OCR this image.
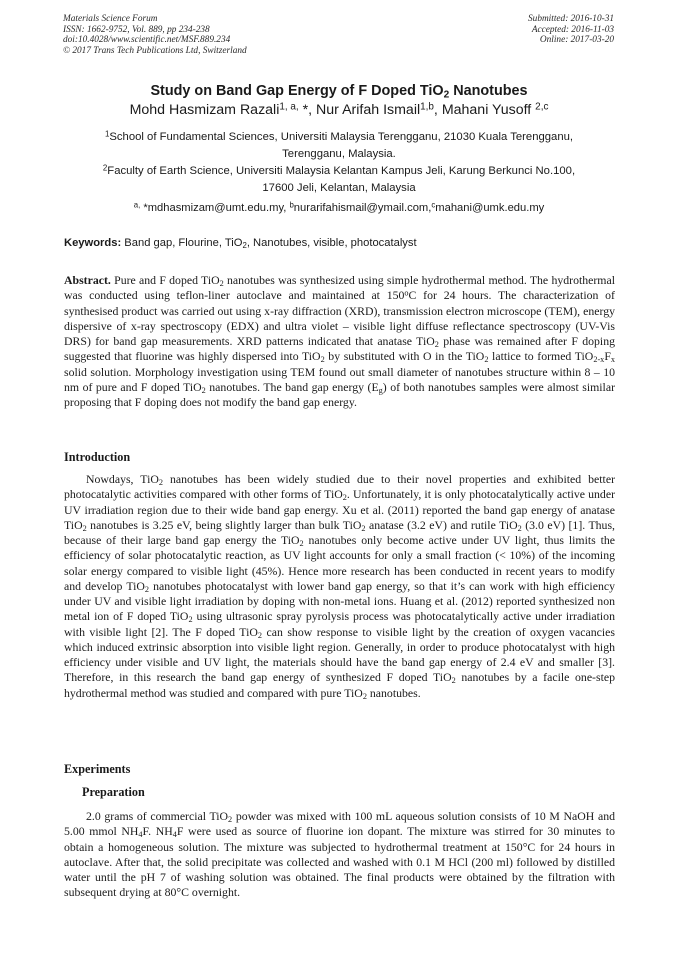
Materials Science Forum
ISSN: 1662-9752, Vol. 889, pp 234-238
doi:10.4028/www.scientific.net/MSF.889.234
© 2017 Trans Tech Publications Ltd, Switzerland
Submitted: 2016-10-31
Accepted: 2016-11-03
Online: 2017-03-20
Study on Band Gap Energy of F Doped TiO$_2$ Nanotubes
Mohd Hasmizam Razali$^{1, a,}$ *, Nur Arifah Ismail$^{1,b}$, Mahani Yusoff $^{2,c}$
$^1$School of Fundamental Sciences, Universiti Malaysia Terengganu, 21030 Kuala Terengganu,
Terengganu, Malaysia.
$^2$Faculty of Earth Science, Universiti Malaysia Kelantan Kampus Jeli, Karung Berkunci No.100,
17600 Jeli, Kelantan, Malaysia
$^{a,}$ *mdhasmizam@umt.edu.my, $^b$nurarifahismail@ymail.com,$^c$mahani@umk.edu.my
Keywords: Band gap, Flourine, TiO$_2$, Nanotubes, visible, photocatalyst
Abstract. Pure and F doped TiO$_2$ nanotubes was synthesized using simple hydrothermal method. The hydrothermal was conducted using teflon-liner autoclave and maintained at 150$^o$C for 24 hours. The characterization of synthesised product was carried out using x-ray diffraction (XRD), transmission electron microscope (TEM), energy dispersive of x-ray spectroscopy (EDX) and ultra violet – visible light diffuse reflectance spectroscopy (UV-Vis DRS) for band gap measurements. XRD patterns indicated that anatase TiO$_2$ phase was remained after F doping suggested that fluorine was highly dispersed into TiO$_2$ by substituted with O in the TiO$_2$ lattice to formed $TiO_{2-x}F_x$ solid solution. Morphology investigation using TEM found out small diameter of nanotubes structure within 8 – 10 nm of pure and F doped TiO$_2$ nanotubes. The band gap energy $(E_g)$ of both nanotubes samples were almost similar proposing that F doping does not modify the band gap energy.
Introduction
Nowdays, TiO$_2$ nanotubes has been widely studied due to their novel properties and exhibited better photocatalytic activities compared with other forms of TiO$_2$. Unfortunately, it is only photocatalytically active under UV irradiation region due to their wide band gap energy. Xu et al. (2011) reported the band gap energy of anatase TiO$_2$ nanotubes is 3.25 eV, being slightly larger than bulk TiO$_2$ anatase (3.2 eV) and rutile TiO$_2$ (3.0 eV) [1]. Thus, because of their large band gap energy the TiO$_2$ nanotubes only become active under UV light, thus limits the efficiency of solar photocatalytic reaction, as UV light accounts for only a small fraction (< 10%) of the incoming solar energy compared to visible light (45%). Hence more research has been conducted in recent years to modify and develop TiO$_2$ nanotubes photocatalyst with lower band gap energy, so that it’s can work with high efficiency under UV and visible light irradiation by doping with non-metal ions. Huang et al. (2012) reported synthesized non metal ion of F doped TiO$_2$ using ultrasonic spray pyrolysis process was photocatalytically active under irradiation with visible light [2]. The F doped TiO$_2$ can show response to visible light by the creation of oxygen vacancies which induced extrinsic absorption into visible light region. Generally, in order to produce photocatalyst with high efficiency under visible and UV light, the materials should have the band gap energy of 2.4 eV and smaller [3]. Therefore, in this research the band gap energy of synthesized F doped TiO$_2$ nanotubes by a facile one-step hydrothermal method was studied and compared with pure TiO$_2$ nanotubes.
Experiments
Preparation
2.0 grams of commercial TiO$_2$ powder was mixed with 100 mL aqueous solution consists of 10 M NaOH and 5.00 mmol $NH_4F$. $NH_4F$ were used as source of fluorine ion dopant. The mixture was stirred for 30 minutes to obtain a homogeneous solution. The mixture was subjected to hydrothermal treatment at 150°C for 24 hours in autoclave. After that, the solid precipitate was collected and washed with 0.1 M HCl (200 ml) followed by distilled water until the pH 7 of washing solution was obtained. The final products were obtained by the filtration with subsequent drying at 80°C overnight.
